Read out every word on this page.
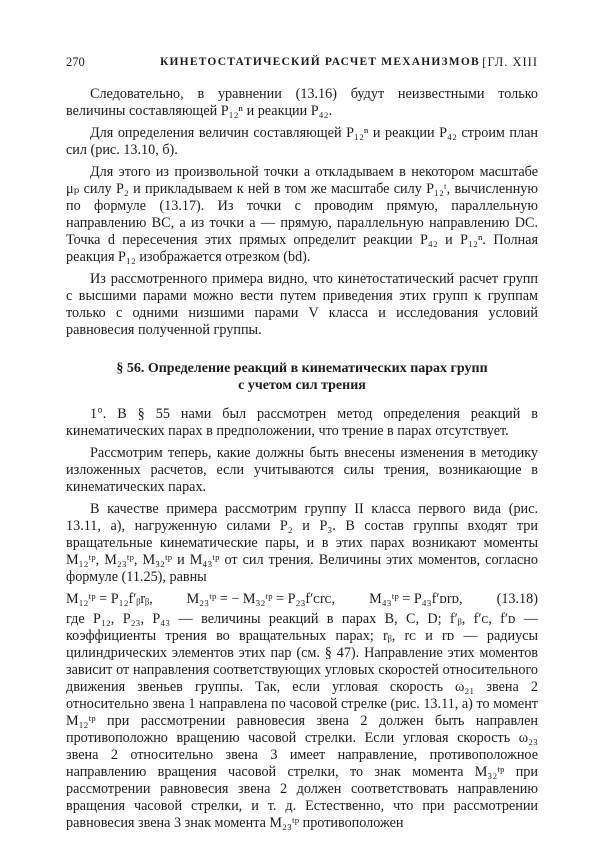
270	КИНЕТОСТАТИЧЕСКИЙ РАСЧЕТ МЕХАНИЗМОВ [ГЛ. XIII

Следовательно, в уравнении (13.16) будут неизвестными только величины составляющей P₁₂ⁿ и реакции P₄₂.

Для определения величин составляющей P₁₂ⁿ и реакции P₄₂ строим план сил (рис. 13.10, б).

Для этого из произвольной точки a откладываем в некотором масштабе μₚ силу P₂ и прикладываем к ней в том же масштабе силу P₁₂ᵗ, вычисленную по формуле (13.17). Из точки c проводим прямую, параллельную направлению BC, а из точки a — прямую, параллельную направлению DC. Точка d пересечения этих прямых определит реакции P₄₂ и P₁₂ⁿ. Полная реакция P₁₂ изображается отрезком (bd).

Из рассмотренного примера видно, что кинетостатический расчет групп с высшими парами можно вести путем приведения этих групп к группам только с одними низшими парами V класса и исследования условий равновесия полученной группы.

§ 56. Определение реакций в кинематических парах групп
с учетом сил трения

1°. В § 55 нами был рассмотрен метод определения реакций в кинематических парах в предположении, что трение в парах отсутствует.

Рассмотрим теперь, какие должны быть внесены изменения в методику изложенных расчетов, если учитываются силы трения, возникающие в кинематических парах.

В качестве примера рассмотрим группу II класса первого вида (рис. 13.11, а), нагруженную силами P₂ и P₃. В состав группы входят три вращательные кинематические пары, и в этих парах возникают моменты M₁₂ᵗᵖ, M₂₃ᵗᵖ, M₃₂ᵗᵖ и M₄₃ᵗᵖ от сил трения. Величины этих моментов, согласно формуле (11.25), равны

M₁₂ᵗᵖ = P₁₂f′ᵦrᵦ, M₂₃ᵗᵖ = − M₃₂ᵗᵖ = P₂₃f′ᴄrᴄ, M₄₃ᵗᵖ = P₄₃f′ᴅrᴅ, (13.18)

где P₁₂, P₂₃, P₄₃ — величины реакций в парах B, C, D; f′ᵦ, f′ᴄ, f′ᴅ — коэффициенты трения во вращательных парах; rᵦ, rᴄ и rᴅ — радиусы цилиндрических элементов этих пар (см. § 47). Направление этих моментов зависит от направления соответствующих угловых скоростей относительного движения звеньев группы. Так, если угловая скорость ω₂₁ звена 2 относительно звена 1 направлена по часовой стрелке (рис. 13.11, а) то момент M₁₂ᵗᵖ при рассмотрении равновесия звена 2 должен быть направлен противоположно вращению часовой стрелки. Если угловая скорость ω₂₃ звена 2 относительно звена 3 имеет направление, противоположное направлению вращения часовой стрелки, то знак момента M₃₂ᵗᵖ при рассмотрении равновесия звена 2 должен соответствовать направлению вращения часовой стрелки, и т. д. Естественно, что при рассмотрении равновесия звена 3 знак момента M₂₃ᵗᵖ противоположен
